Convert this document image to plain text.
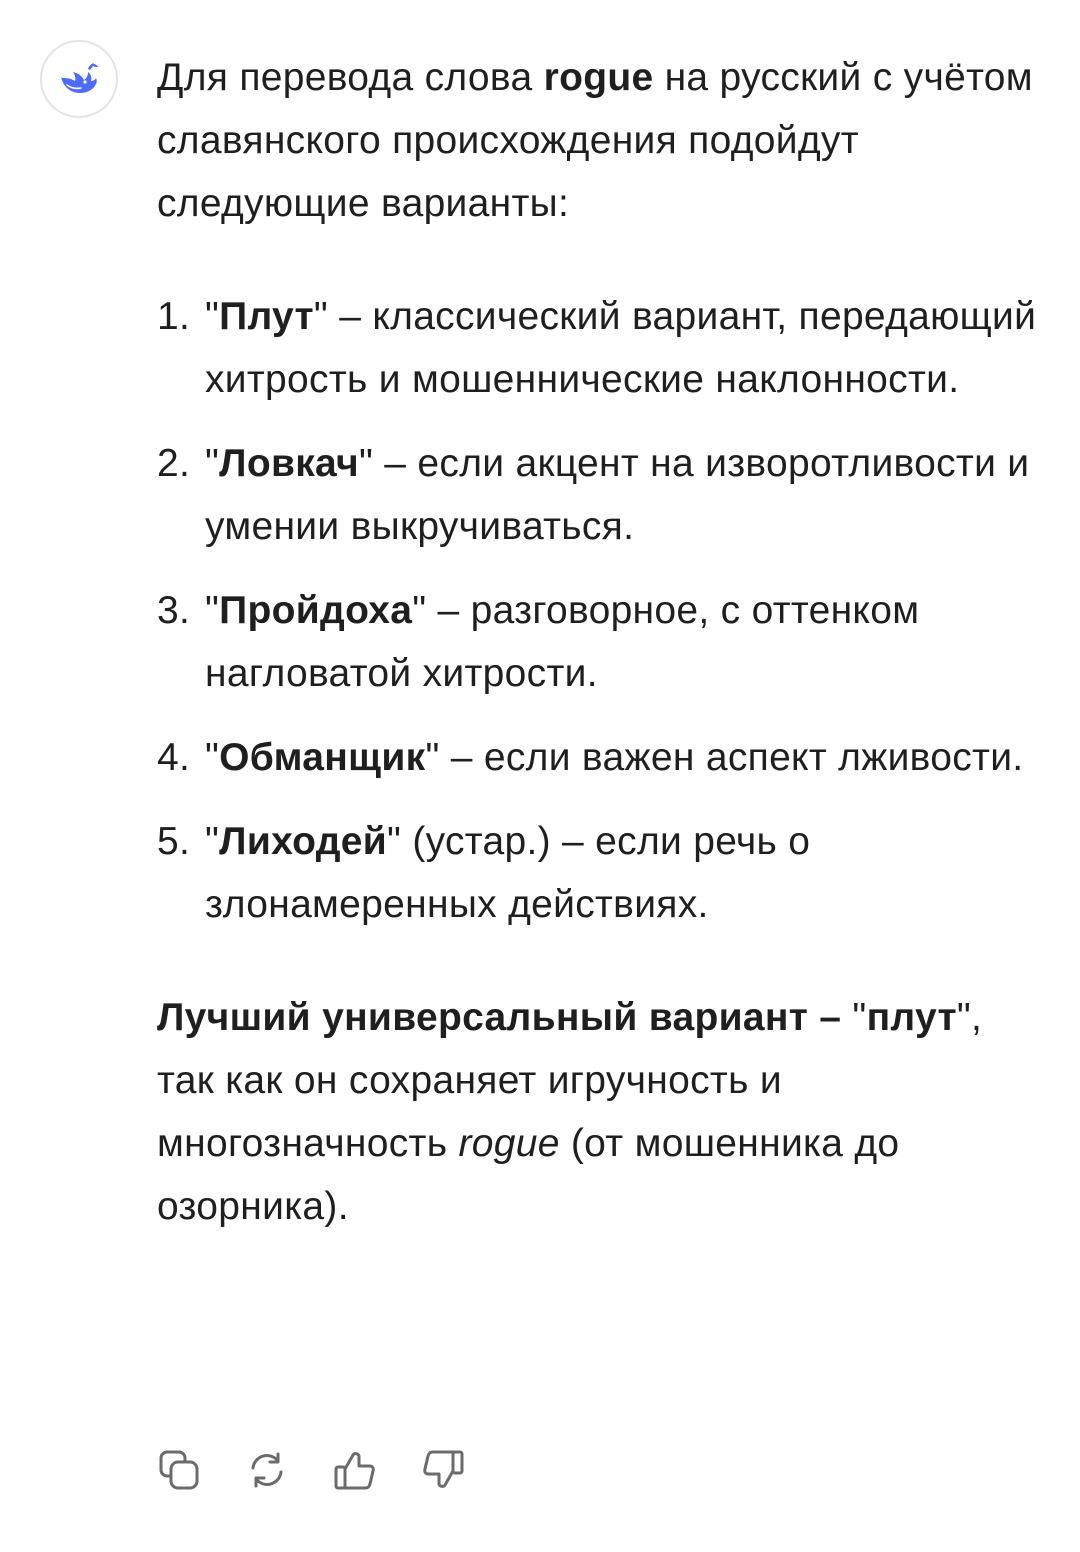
Для перевода слова rogue на русский с учётом славянского происхождения подойдут следующие варианты:

1. "Плут" – классический вариант, передающий хитрость и мошеннические наклонности.
2. "Ловкач" – если акцент на изворотливости и умении выкручиваться.
3. "Пройдоха" – разговорное, с оттенком нагловатой хитрости.
4. "Обманщик" – если важен аспект лживости.
5. "Лиходей" (устар.) – если речь о злонамеренных действиях.

Лучший универсальный вариант – "плут", так как он сохраняет игручность и многозначность rogue (от мошенника до озорника).
